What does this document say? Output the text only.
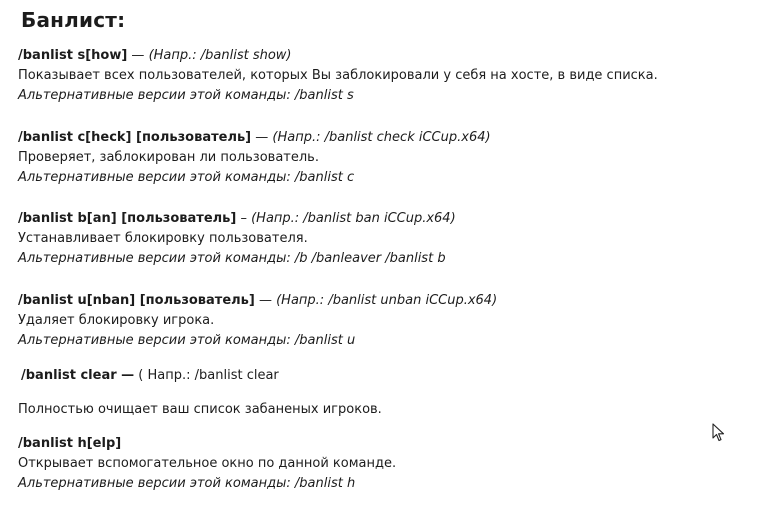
Банлист:
/banlist s[how] — (Напр.: /banlist show)
Показывает всех пользователей, которых Вы заблокировали у себя на хосте, в виде списка.
Альтернативные версии этой команды: /banlist s
/banlist c[heck] [пользователь] — (Напр.: /banlist check iCCup.x64)
Проверяет, заблокирован ли пользователь.
Альтернативные версии этой команды: /banlist c
/banlist b[an] [пользователь] – (Напр.: /banlist ban iCCup.x64)
Устанавливает блокировку пользователя.
Альтернативные версии этой команды: /b /banleaver /banlist b
/banlist u[nban] [пользователь] — (Напр.: /banlist unban iCCup.x64)
Удаляет блокировку игрока.
Альтернативные версии этой команды: /banlist u
/banlist clear — ( Напр.: /banlist clear
Полностью очищает ваш список забаненых игроков.
/banlist h[elp]
Открывает вспомогательное окно по данной команде.
Альтернативные версии этой команды: /banlist h
